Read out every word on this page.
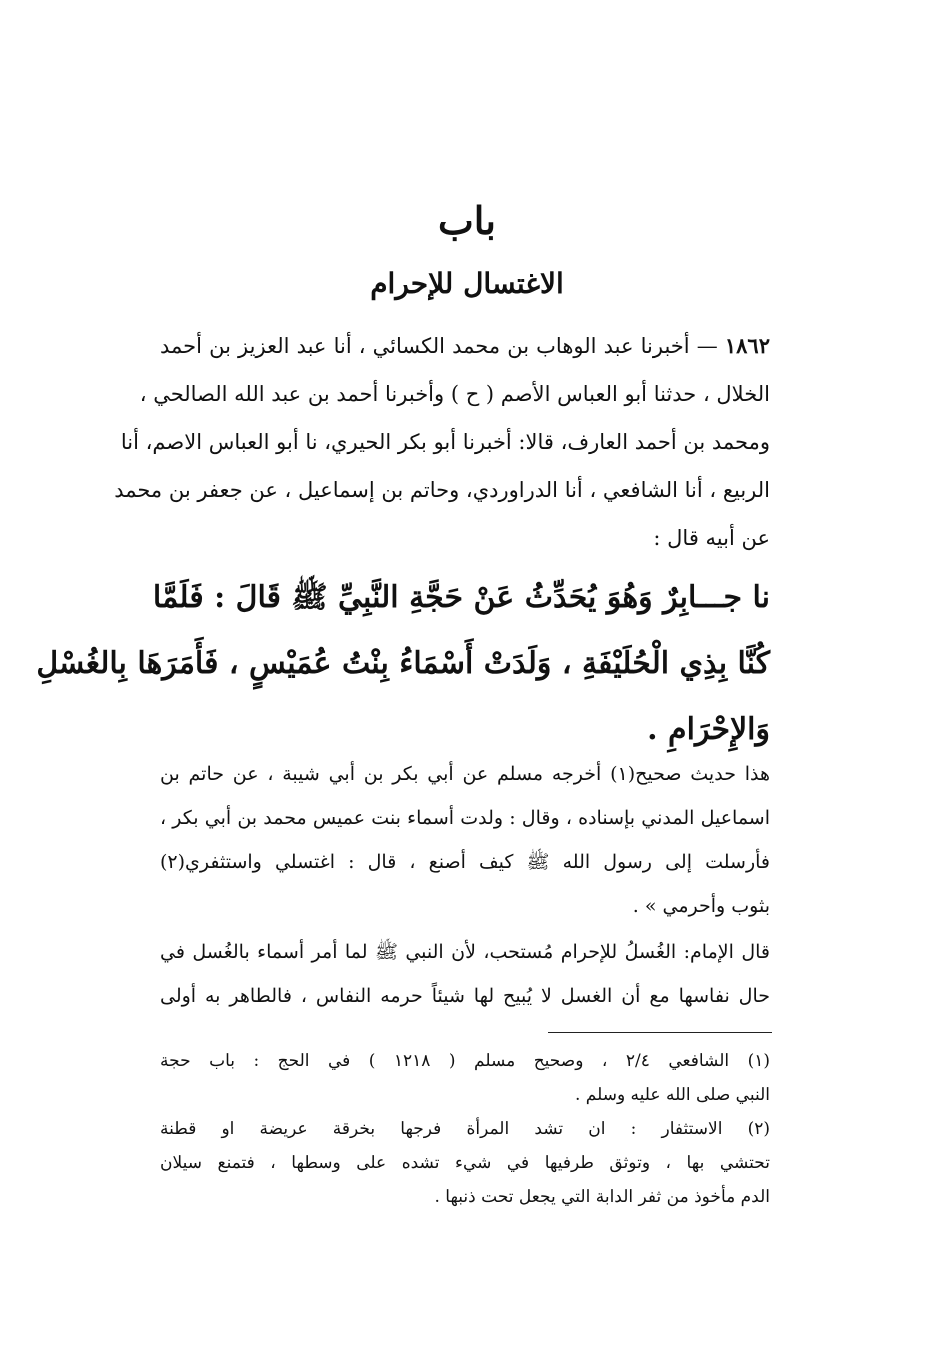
باب
الاغتسال للإحرام
١٨٦٢ — أخبرنا عبد الوهاب بن محمد الكسائي ، أنا عبد العزيز بن أحمد
الخلال ، حدثنا أبو العباس الأصم ( ح ) وأخبرنا أحمد بن عبد الله الصالحي ،
ومحمد بن أحمد العارف، قالا: أخبرنا أبو بكر الحيري، نا أبو العباس الاصم، أنا
الربيع ، أنا الشافعي ، أنا الدراوردي، وحاتم بن إسماعيل ، عن جعفر بن محمد
عن أبيه قال :
نا جـــابِرٌ وَهُوَ يُحَدِّثُ عَنْ حَجَّةِ النَّبِيِّ ﷺ قَالَ : فَلَمَّا
كُنَّا بِذِي الْحُلَيْفَةِ ، وَلَدَتْ أَسْمَاءُ بِنْتُ عُمَيْسٍ ، فَأَمَرَهَا بِالغُسْلِ
وَالإِحْرَامِ .
هذا حديث صحيح(١) أخرجه مسلم عن أبي بكر بن أبي شيبة ، عن حاتم بن
اسماعيل المدني بإسناده ، وقال : ولدت أسماء بنت عميس محمد بن أبي بكر ،
فأرسلت إلى رسول الله ﷺ كيف أصنع ، قال : اغتسلي واستثفري(٢)
بثوب وأحرمي » .
قال الإمام: الغُسلُ للإحرام مُستحب، لأن النبي ﷺ لما أمر أسماء بالغُسل في
حال نفاسها مع أن الغسل لا يُبيح لها شيئاً حرمه النفاس ، فالطاهر به أولى
(١) الشافعي ٢/٤ ، وصحيح مسلم ( ١٢١٨ ) في الحج : باب حجة
النبي صلى الله عليه وسلم .
(٢) الاستثفار : ان تشد المرأة فرجها بخرقة عريضة او قطنة
تحتشي بها ، وتوثق طرفيها في شيء تشده على وسطها ، فتمنع سيلان
الدم مأخوذ من ثفر الدابة التي يجعل تحت ذنبها .
